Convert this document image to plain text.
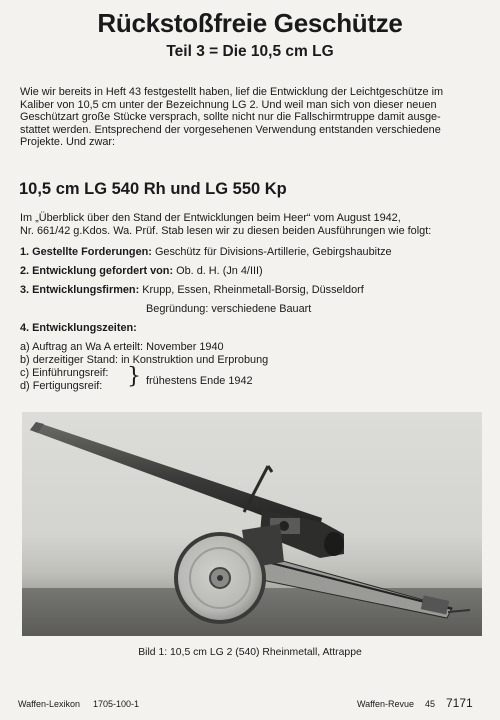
Rückstoßfreie Geschütze
Teil 3 = Die 10,5 cm LG
Wie wir bereits in Heft 43 festgestellt haben, lief die Entwicklung der Leichtgeschütze im
Kaliber von 10,5 cm unter der Bezeichnung LG 2. Und weil man sich von dieser neuen
Geschützart große Stücke versprach, sollte nicht nur die Fallschirmtruppe damit ausge-
stattet werden. Entsprechend der vorgesehenen Verwendung entstanden verschiedene
Projekte. Und zwar:
10,5 cm LG 540 Rh und LG 550 Kp
Im „Überblick über den Stand der Entwicklungen beim Heer“ vom August 1942,
Nr. 661/42 g.Kdos. Wa. Prüf. Stab lesen wir zu diesen beiden Ausführungen wie folgt:
1. Gestellte Forderungen: Geschütz für Divisions-Artillerie, Gebirgshaubitze
2. Entwicklung gefordert von: Ob. d. H. (Jn 4/III)
3. Entwicklungsfirmen: Krupp, Essen, Rheinmetall-Borsig, Düsseldorf
Begründung: verschiedene Bauart
4. Entwicklungszeiten:
a) Auftrag an Wa A erteilt: November 1940
b) derzeitiger Stand: in Konstruktion und Erprobung
c) Einführungsreif:
d) Fertigungsreif: } frühestens Ende 1942
Bild 1: 10,5 cm LG 2 (540) Rheinmetall, Attrappe
Waffen-Lexikon 1705-100-1	Waffen-Revue 45 7171
